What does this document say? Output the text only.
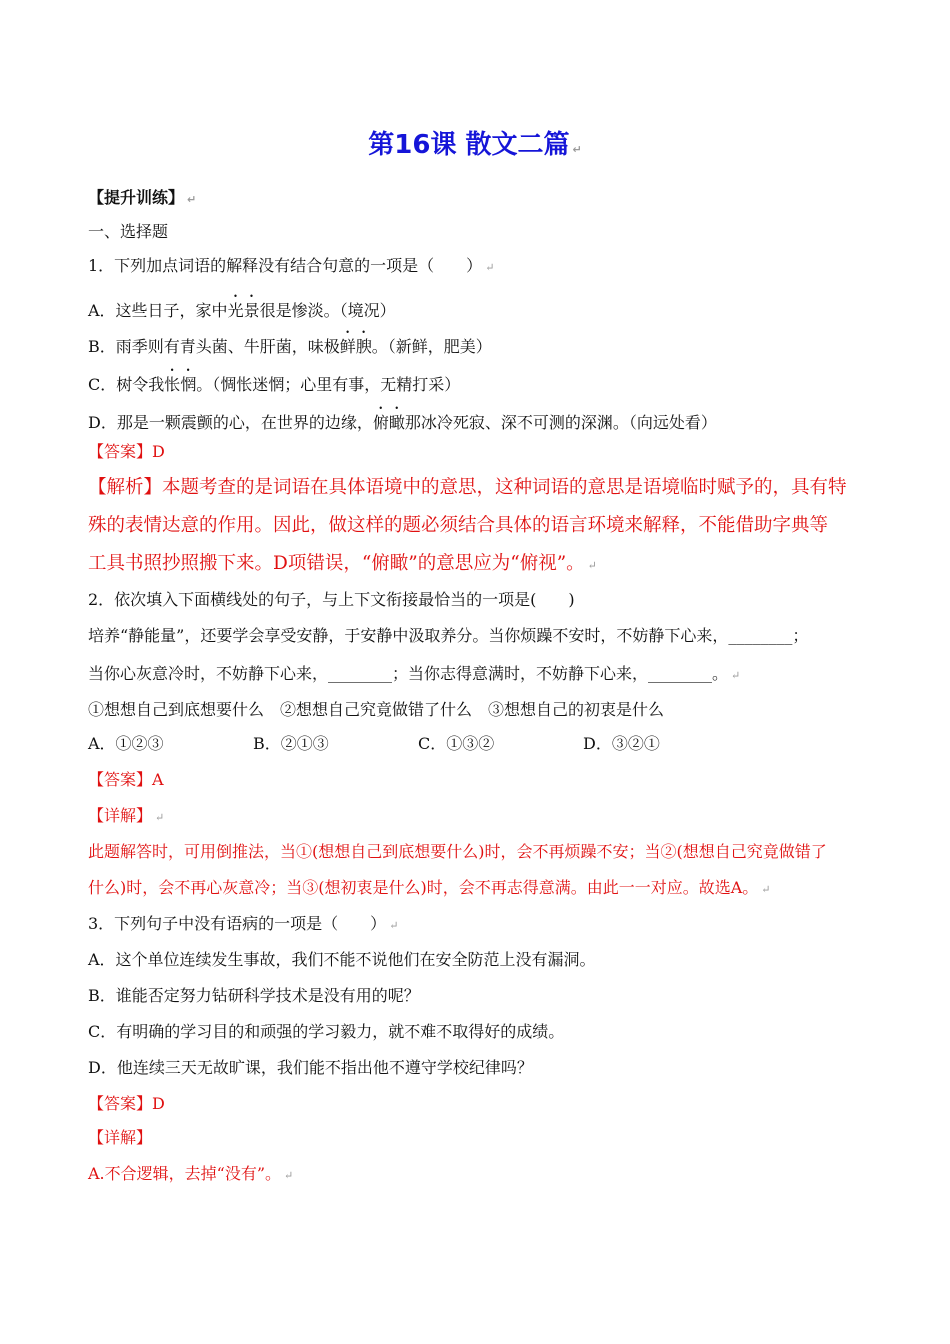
第16课 散文二篇 ↵
【提升训练】 ↵
一、选择题
1．下列加点词语的解释没有结合句意的一项是（　　） ↵
A．这些日子，家中光景很是惨淡。（境况）
B．雨季则有青头菌、牛肝菌，味极鲜腴。（新鲜，肥美）
C．树令我怅惘。（惆怅迷惘；心里有事，无精打采）
D．那是一颗震颤的心，在世界的边缘，俯瞰那冰冷死寂、深不可测的深渊。（向远处看）
【答案】D
【解析】本题考查的是词语在具体语境中的意思，这种词语的意思是语境临时赋予的，具有特
殊的表情达意的作用。因此，做这样的题必须结合具体的语言环境来解释，不能借助字典等
工具书照抄照搬下来。D项错误，“俯瞰”的意思应为“俯视”。 ↵
2．依次填入下面横线处的句子，与上下文衔接最恰当的一项是(　　)
培养“静能量”，还要学会享受安静，于安静中汲取养分。当你烦躁不安时，不妨静下心来，________；
当你心灰意冷时，不妨静下心来，________；当你志得意满时，不妨静下心来，________。 ↵
①想想自己到底想要什么　②想想自己究竟做错了什么　③想想自己的初衷是什么
A．①②③	B．②①③	C．①③②	D．③②①
【答案】A
【详解】 ↵
此题解答时，可用倒推法，当①(想想自己到底想要什么)时，会不再烦躁不安；当②(想想自己究竟做错了
什么)时，会不再心灰意冷；当③(想初衷是什么)时，会不再志得意满。由此一一对应。故选A。 ↵
3．下列句子中没有语病的一项是（　　） ↵
A．这个单位连续发生事故，我们不能不说他们在安全防范上没有漏洞。
B．谁能否定努力钻研科学技术是没有用的呢？
C．有明确的学习目的和顽强的学习毅力，就不难不取得好的成绩。
D．他连续三天无故旷课，我们能不指出他不遵守学校纪律吗？
【答案】D
【详解】
A.不合逻辑，去掉“没有”。 ↵
